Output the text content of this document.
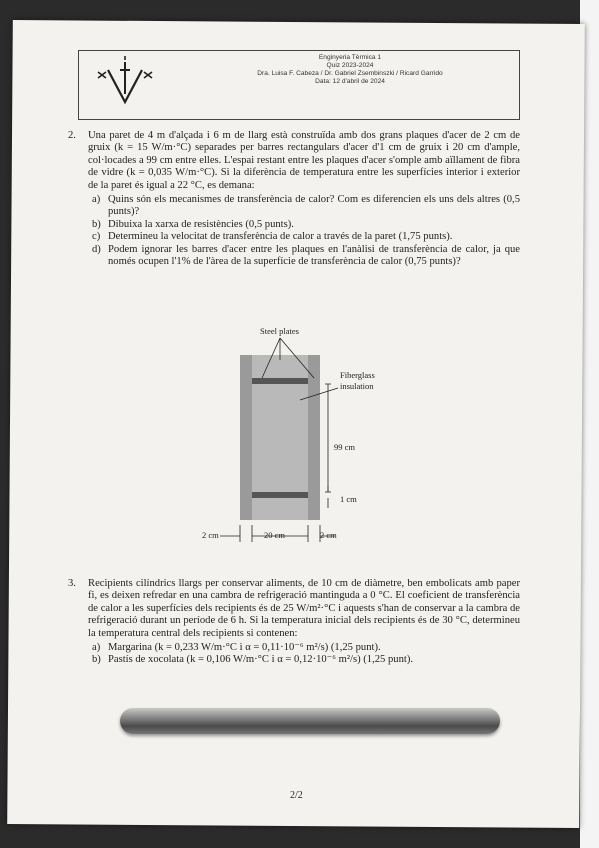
Enginyeria Tèrmica 1
Quiz 2023-2024
Dra. Luisa F. Cabeza / Dr. Gabriel Zsembinszki / Ricard Garrido
Data: 12 d'abril de 2024
2. Una paret de 4 m d'alçada i 6 m de llarg està construïda amb dos grans plaques d'acer de 2 cm de gruix (k = 15 W/m·°C) separades per barres rectangulars d'acer d'1 cm de gruix i 20 cm d'ample, col·locades a 99 cm entre elles. L'espai restant entre les plaques d'acer s'omple amb aïllament de fibra de vidre (k = 0,035 W/m·°C). Si la diferència de temperatura entre les superfícies interior i exterior de la paret és igual a 22 °C, es demana:
a) Quins són els mecanismes de transferència de calor? Com es diferencien els uns dels altres (0,5 punts)?
b) Dibuixa la xarxa de resistències (0,5 punts).
c) Determineu la velocitat de transferència de calor a través de la paret (1,75 punts).
d) Podem ignorar les barres d'acer entre les plaques en l'anàlisi de transferència de calor, ja que només ocupen l'1% de l'àrea de la superfície de transferència de calor (0,75 punts)?
Steel plates
Fiberglass
insulation
99 cm
1 cm
2 cm	20 cm	2 cm
3. Recipients cilíndrics llargs per conservar aliments, de 10 cm de diàmetre, ben embolicats amb paper fi, es deixen refredar en una cambra de refrigeració mantinguda a 0 °C. El coeficient de transferència de calor a les superfícies dels recipients és de 25 W/m²·°C i aquests s'han de conservar a la cambra de refrigeració durant un període de 6 h. Si la temperatura inicial dels recipients és de 30 °C, determineu la temperatura central dels recipients si contenen:
a) Margarina (k = 0,233 W/m·°C i α = 0,11·10⁻⁶ m²/s) (1,25 punt).
b) Pastís de xocolata (k = 0,106 W/m·°C i α = 0,12·10⁻⁶ m²/s) (1,25 punt).
2/2
